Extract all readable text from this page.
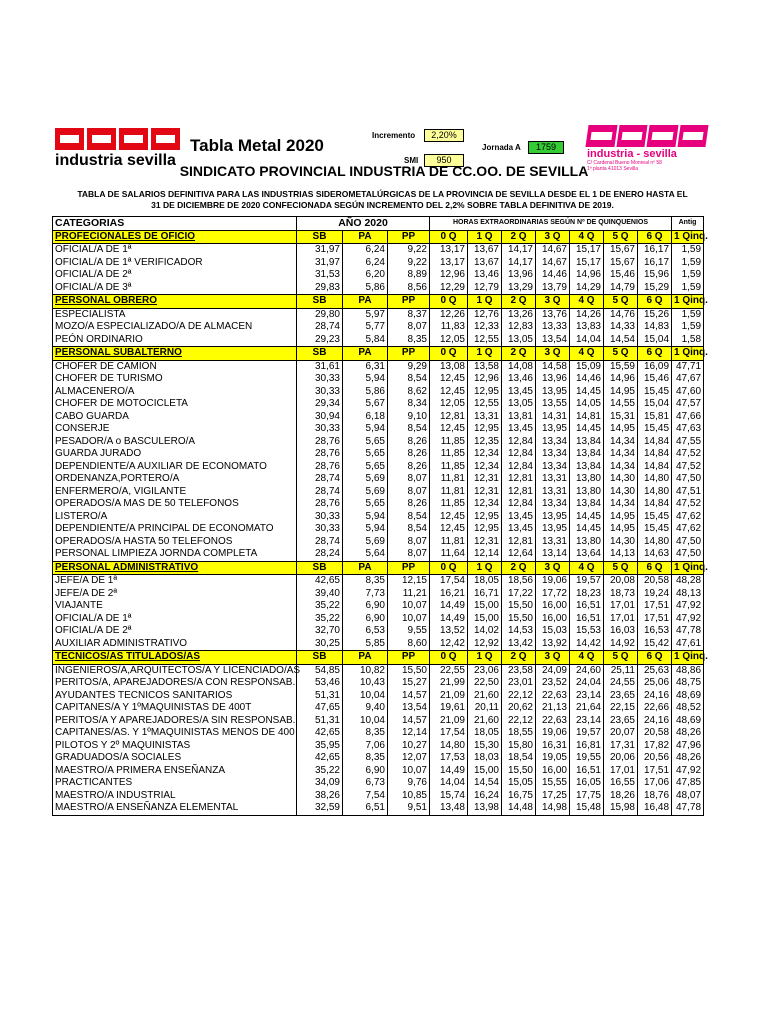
industria sevilla
Tabla Metal 2020
Incremento	2,20%
Jornada A	1759
SMI	950	industria - sevilla
C/ Cardenal Bueno Monreal nº 58
1ª planta 41013 Sevilla
SINDICATO PROVINCIAL INDUSTRIA DE CC.OO. DE SEVILLA
TABLA DE SALARIOS DEFINITIVA PARA LAS INDUSTRIAS SIDEROMETALÚRGICAS DE LA PROVINCIA DE SEVILLA DESDE EL 1 DE ENERO HASTA EL
31 DE DICIEMBRE DE 2020 CONFECIONADA SEGÚN INCREMENTO DEL 2,2% SOBRE TABLA DEFINITIVA DE 2019.
CATEGORIAS	AÑO 2020			HORAS EXTRAORDINARIAS SEGÚN Nº DE QUINQUENIOS							Antig
PROFECIONALES DE OFICIO	SB	PA	PP	0 Q	1 Q	2 Q	3 Q	4 Q	5 Q	6 Q	1 Qinq.
OFICIAL/A DE 1ª	31,97	6,24	9,22	13,17	13,67	14,17	14,67	15,17	15,67	16,17	1,59
OFICIAL/A DE 1ª VERIFICADOR	31,97	6,24	9,22	13,17	13,67	14,17	14,67	15,17	15,67	16,17	1,59
OFICIAL/A DE 2ª	31,53	6,20	8,89	12,96	13,46	13,96	14,46	14,96	15,46	15,96	1,59
OFICIAL/A DE 3ª	29,83	5,86	8,56	12,29	12,79	13,29	13,79	14,29	14,79	15,29	1,59
PERSONAL OBRERO	SB	PA	PP	0 Q	1 Q	2 Q	3 Q	4 Q	5 Q	6 Q	1 Qinq.
ESPECIALISTA	29,80	5,97	8,37	12,26	12,76	13,26	13,76	14,26	14,76	15,26	1,59
MOZO/A ESPECIALIZADO/A DE ALMACEN	28,74	5,77	8,07	11,83	12,33	12,83	13,33	13,83	14,33	14,83	1,59
PEÓN ORDINARIO	29,23	5,84	8,35	12,05	12,55	13,05	13,54	14,04	14,54	15,04	1,58
PERSONAL SUBALTERNO	SB	PA	PP	0 Q	1 Q	2 Q	3 Q	4 Q	5 Q	6 Q	1 Qinq.
CHOFER DE CAMION	31,61	6,31	9,29	13,08	13,58	14,08	14,58	15,09	15,59	16,09	47,71
CHOFER DE TURISMO	30,33	5,94	8,54	12,45	12,96	13,46	13,96	14,46	14,96	15,46	47,67
ALMACENERO/A	30,33	5,86	8,62	12,45	12,95	13,45	13,95	14,45	14,95	15,45	47,60
CHOFER DE MOTOCICLETA	29,34	5,67	8,34	12,05	12,55	13,05	13,55	14,05	14,55	15,04	47,57
CABO GUARDA	30,94	6,18	9,10	12,81	13,31	13,81	14,31	14,81	15,31	15,81	47,66
CONSERJE	30,33	5,94	8,54	12,45	12,95	13,45	13,95	14,45	14,95	15,45	47,63
PESADOR/A o BASCULERO/A	28,76	5,65	8,26	11,85	12,35	12,84	13,34	13,84	14,34	14,84	47,55
GUARDA JURADO	28,76	5,65	8,26	11,85	12,34	12,84	13,34	13,84	14,34	14,84	47,52
DEPENDIENTE/A AUXILIAR DE ECONOMATO	28,76	5,65	8,26	11,85	12,34	12,84	13,34	13,84	14,34	14,84	47,52
ORDENANZA,PORTERO/A	28,74	5,69	8,07	11,81	12,31	12,81	13,31	13,80	14,30	14,80	47,50
ENFERMERO/A, VIGILANTE	28,74	5,69	8,07	11,81	12,31	12,81	13,31	13,80	14,30	14,80	47,51
OPERADOS/A MAS DE 50 TELEFONOS	28,76	5,65	8,26	11,85	12,34	12,84	13,34	13,84	14,34	14,84	47,52
LISTERO/A	30,33	5,94	8,54	12,45	12,95	13,45	13,95	14,45	14,95	15,45	47,62
DEPENDIENTE/A PRINCIPAL DE ECONOMATO	30,33	5,94	8,54	12,45	12,95	13,45	13,95	14,45	14,95	15,45	47,62
OPERADOS/A HASTA 50 TELEFONOS	28,74	5,69	8,07	11,81	12,31	12,81	13,31	13,80	14,30	14,80	47,50
PERSONAL LIMPIEZA JORNDA COMPLETA	28,24	5,64	8,07	11,64	12,14	12,64	13,14	13,64	14,13	14,63	47,50
PERSONAL ADMINISTRATIVO	SB	PA	PP	0 Q	1 Q	2 Q	3 Q	4 Q	5 Q	6 Q	1 Qinq.
JEFE/A DE 1ª	42,65	8,35	12,15	17,54	18,05	18,56	19,06	19,57	20,08	20,58	48,28
JEFE/A DE 2ª	39,40	7,73	11,21	16,21	16,71	17,22	17,72	18,23	18,73	19,24	48,13
VIAJANTE	35,22	6,90	10,07	14,49	15,00	15,50	16,00	16,51	17,01	17,51	47,92
OFICIAL/A DE 1ª	35,22	6,90	10,07	14,49	15,00	15,50	16,00	16,51	17,01	17,51	47,92
OFICIAL/A DE 2ª	32,70	6,53	9,55	13,52	14,02	14,53	15,03	15,53	16,03	16,53	47,78
AUXILIAR ADMINISTRATIVO	30,25	5,85	8,60	12,42	12,92	13,42	13,92	14,42	14,92	15,42	47,61
TECNICOS/AS TITULADOS/AS	SB	PA	PP	0 Q	1 Q	2 Q	3 Q	4 Q	5 Q	6 Q	1 Qinq.
INGENIEROS/A,ARQUITECTOS/A Y LICENCIADO/AS	54,85	10,82	15,50	22,55	23,06	23,58	24,09	24,60	25,11	25,63	48,86
PERITOS/A, APAREJADORES/A CON RESPONSAB.	53,46	10,43	15,27	21,99	22,50	23,01	23,52	24,04	24,55	25,06	48,75
AYUDANTES TECNICOS SANITARIOS	51,31	10,04	14,57	21,09	21,60	22,12	22,63	23,14	23,65	24,16	48,69
CAPITANES/A Y 1ºMAQUINISTAS DE 400T	47,65	9,40	13,54	19,61	20,11	20,62	21,13	21,64	22,15	22,66	48,52
PERITOS/A Y APAREJADORES/A SIN RESPONSAB.	51,31	10,04	14,57	21,09	21,60	22,12	22,63	23,14	23,65	24,16	48,69
CAPITANES/AS. Y 1ºMAQUINISTAS MENOS DE 400	42,65	8,35	12,14	17,54	18,05	18,55	19,06	19,57	20,07	20,58	48,26
PILOTOS Y 2º MAQUINISTAS	35,95	7,06	10,27	14,80	15,30	15,80	16,31	16,81	17,31	17,82	47,96
GRADUADOS/A SOCIALES	42,65	8,35	12,07	17,53	18,03	18,54	19,05	19,55	20,06	20,56	48,26
MAESTRO/A PRIMERA ENSEÑANZA	35,22	6,90	10,07	14,49	15,00	15,50	16,00	16,51	17,01	17,51	47,92
PRACTICANTES	34,09	6,73	9,76	14,04	14,54	15,05	15,55	16,05	16,55	17,06	47,85
MAESTRO/A INDUSTRIAL	38,26	7,54	10,85	15,74	16,24	16,75	17,25	17,75	18,26	18,76	48,07
MAESTRO/A ENSEÑANZA ELEMENTAL	32,59	6,51	9,51	13,48	13,98	14,48	14,98	15,48	15,98	16,48	47,78
